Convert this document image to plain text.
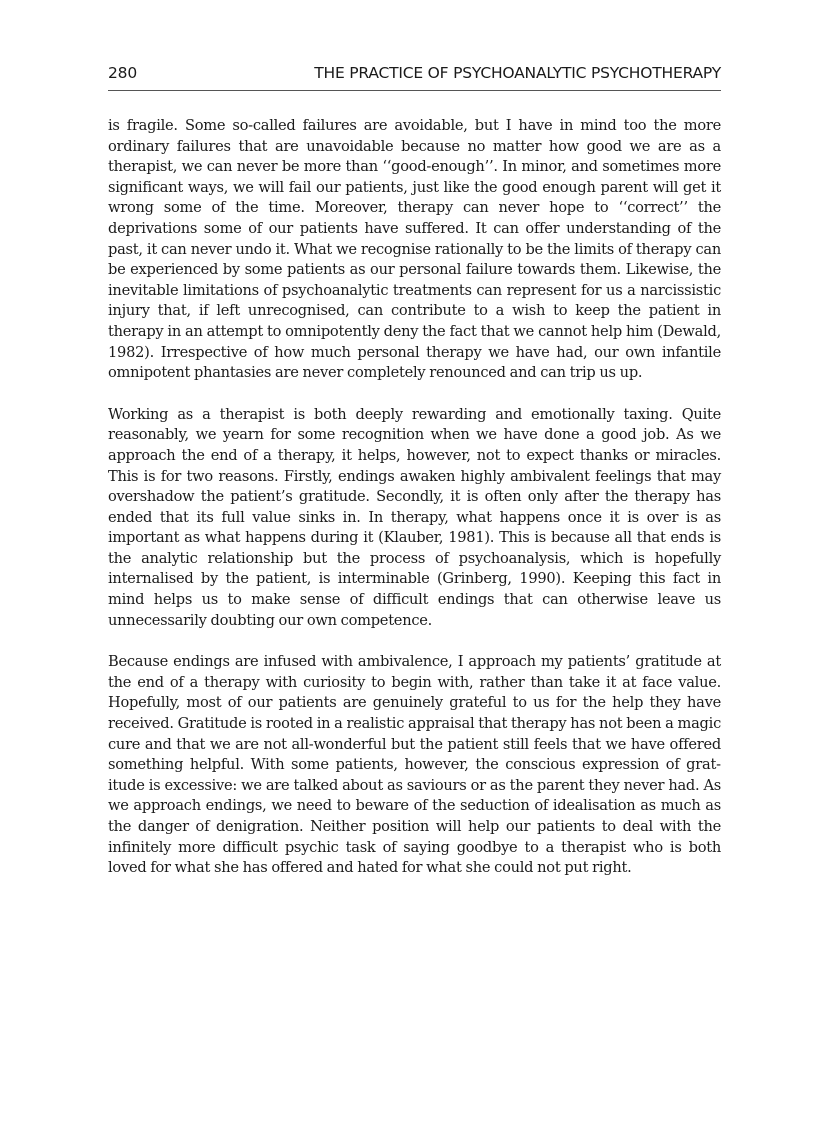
280	THE PRACTICE OF PSYCHOANALYTIC PSYCHOTHERAPY

is fragile. Some so-called failures are avoidable, but I have in mind too the more ordinary failures that are unavoidable because no matter how good we are as a therapist, we can never be more than ‘‘good-enough’’. In minor, and sometimes more significant ways, we will fail our patients, just like the good enough parent will get it wrong some of the time. Moreover, therapy can never hope to ‘‘correct’’ the deprivations some of our patients have suffered. It can offer understanding of the past, it can never undo it. What we recognise rationally to be the limits of therapy can be experienced by some patients as our personal failure towards them. Likewise, the inevitable limitations of psychoanalytic treatments can represent for us a narcissistic injury that, if left unrecognised, can contribute to a wish to keep the patient in therapy in an attempt to omnipotently deny the fact that we cannot help him (Dewald, 1982). Irrespective of how much personal therapy we have had, our own infantile omnipotent phantasies are never completely renounced and can trip us up.

Working as a therapist is both deeply rewarding and emotionally taxing. Quite reasonably, we yearn for some recognition when we have done a good job. As we approach the end of a therapy, it helps, however, not to expect thanks or miracles. This is for two reasons. Firstly, endings awaken highly ambivalent feelings that may overshadow the patient’s gratitude. Secondly, it is often only after the therapy has ended that its full value sinks in. In therapy, what happens once it is over is as important as what happens during it (Klauber, 1981). This is because all that ends is the analytic relationship but the process of psychoanalysis, which is hopefully internalised by the patient, is interminable (Grinberg, 1990). Keeping this fact in mind helps us to make sense of difficult endings that can otherwise leave us unnecessarily doubting our own competence.

Because endings are infused with ambivalence, I approach my patients’ gratitude at the end of a therapy with curiosity to begin with, rather than take it at face value. Hopefully, most of our patients are genuinely grateful to us for the help they have received. Gratitude is rooted in a realistic appraisal that therapy has not been a magic cure and that we are not all-wonderful but the patient still feels that we have offered something helpful. With some patients, however, the conscious expression of gratitude is excessive: we are talked about as saviours or as the parent they never had. As we approach endings, we need to beware of the seduction of idealisation as much as the danger of denigration. Neither position will help our patients to deal with the infinitely more difficult psychic task of saying goodbye to a therapist who is both loved for what she has offered and hated for what she could not put right.
